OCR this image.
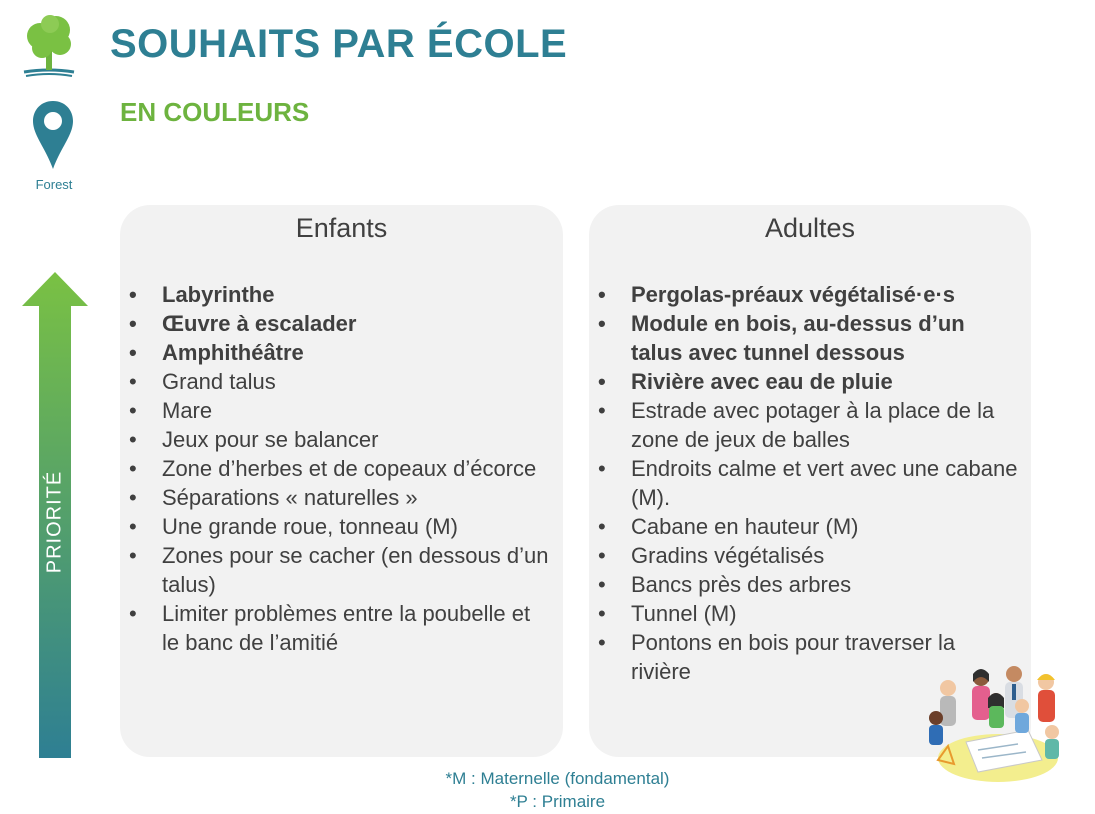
SOUHAITS PAR ÉCOLE
Forest
EN COULEURS
PRIORITÉ
Enfants
• Labyrinthe
• Œuvre à escalader
• Amphithéâtre
• Grand talus
• Mare
• Jeux pour se balancer
• Zone d’herbes et de copeaux d’écorce
• Séparations « naturelles »
• Une grande roue, tonneau (M)
• Zones pour se cacher (en dessous d’un talus)
• Limiter problèmes entre la poubelle et le banc de l’amitié
Adultes
• Pergolas-préaux végétalisé·e·s
• Module en bois, au-dessus d’un talus avec tunnel dessous
• Rivière avec eau de pluie
• Estrade avec potager à la place de la zone de jeux de balles
• Endroits calme et vert avec une cabane (M).
• Cabane en hauteur (M)
• Gradins végétalisés
• Bancs près des arbres
• Tunnel (M)
• Pontons en bois pour traverser la rivière
*M : Maternelle (fondamental)
*P : Primaire
